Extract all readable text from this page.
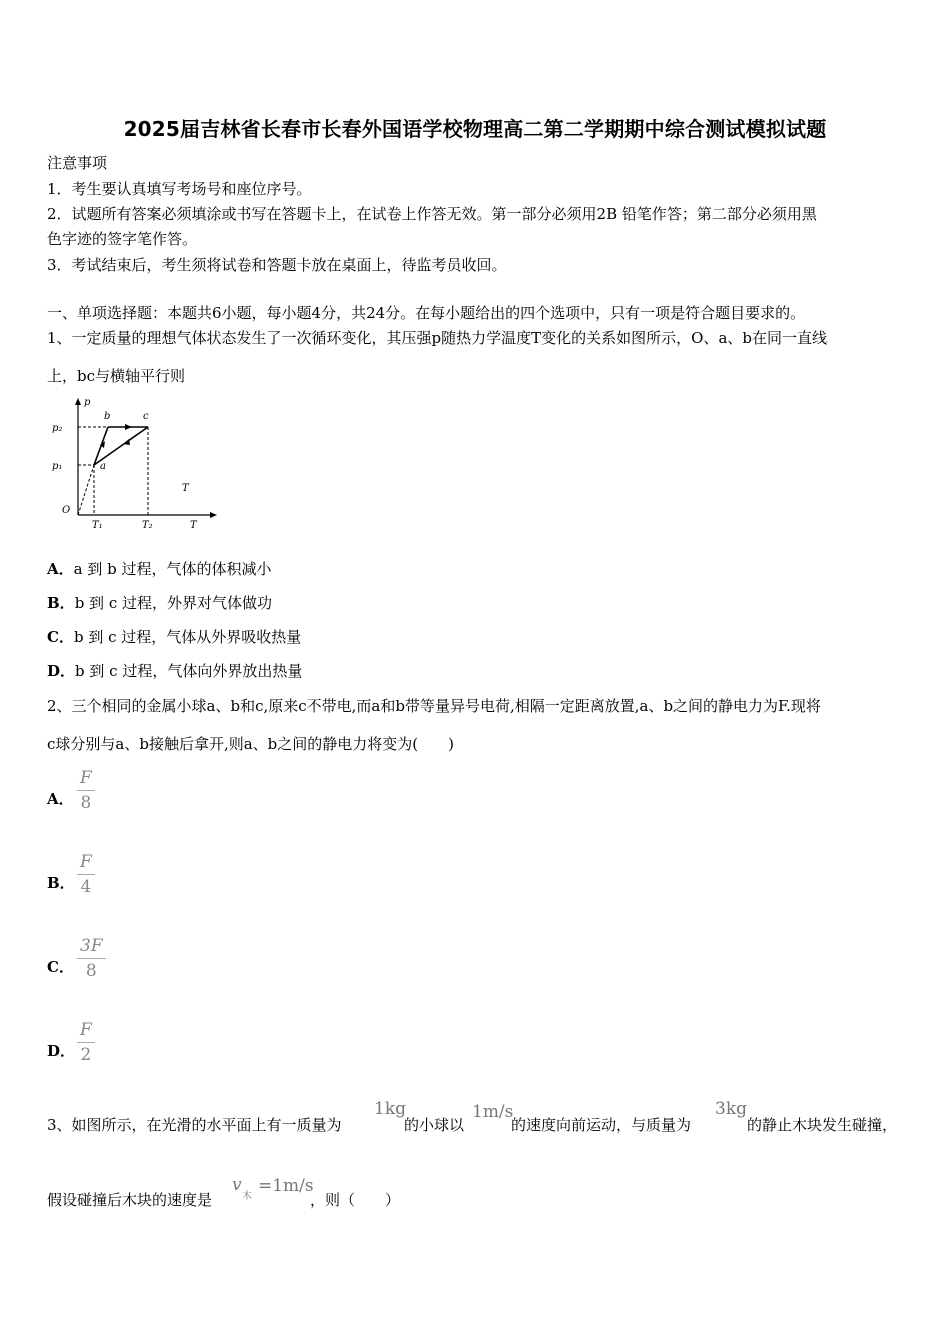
2025届吉林省长春市长春外国语学校物理高二第二学期期中综合测试模拟试题
注意事项
1．考生要认真填写考场号和座位序号。
2．试题所有答案必须填涂或书写在答题卡上，在试卷上作答无效。第一部分必须用2B 铅笔作答；第二部分必须用黑
色字迹的签字笔作答。
3．考试结束后，考生须将试卷和答题卡放在桌面上，待监考员收回。
一、单项选择题：本题共6小题，每小题4分，共24分。在每小题给出的四个选项中，只有一项是符合题目要求的。
1、一定质量的理想气体状态发生了一次循环变化，其压强p随热力学温度T变化的关系如图所示，O、a、b在同一直线
上，bc与横轴平行则
p
p₂
p₁
O
T₁	T₂	T
T
b	c
a
A．a 到 b 过程，气体的体积减小
B．b 到 c 过程，外界对气体做功
C．b 到 c 过程，气体从外界吸收热量
D．b 到 c 过程，气体向外界放出热量
2、三个相同的金属小球a、b和c,原来c不带电,而a和b带等量异号电荷,相隔一定距离放置,a、b之间的静电力为F.现将
c球分别与a、b接触后拿开,则a、b之间的静电力将变为(　　)
A． $\frac{F}{8}$
B． $\frac{F}{4}$
C． $\frac{3F}{8}$
D． $\frac{F}{2}$
3、如图所示，在光滑的水平面上有一质量为
1kg
的小球以
1m/s
的速度向前运动，与质量为
3kg
的静止木块发生碰撞，
假设碰撞后木块的速度是
v
木
=1m/s
，则（　　）
